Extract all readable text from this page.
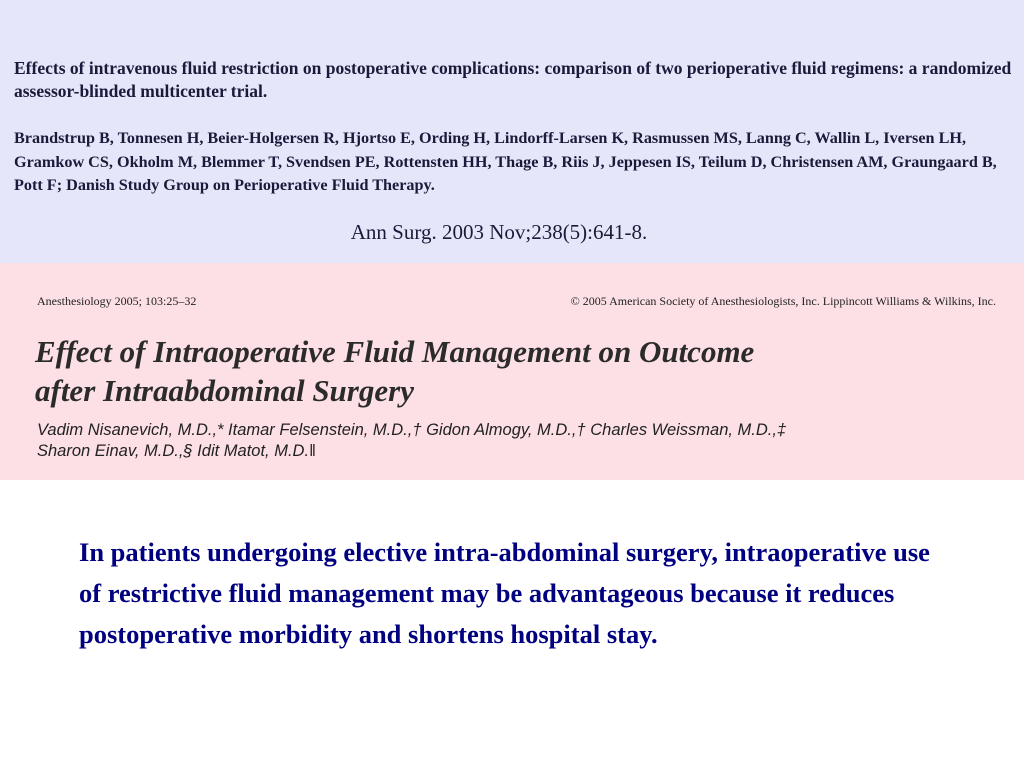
Effects of intravenous fluid restriction on postoperative complications: comparison of two perioperative fluid regimens: a randomized assessor-blinded multicenter trial.
Brandstrup B, Tonnesen H, Beier-Holgersen R, Hjortso E, Ording H, Lindorff-Larsen K, Rasmussen MS, Lanng C, Wallin L, Iversen LH, Gramkow CS, Okholm M, Blemmer T, Svendsen PE, Rottensten HH, Thage B, Riis J, Jeppesen IS, Teilum D, Christensen AM, Graungaard B, Pott F; Danish Study Group on Perioperative Fluid Therapy.
Ann Surg. 2003 Nov;238(5):641-8.
Anesthesiology 2005; 103:25–32	© 2005 American Society of Anesthesiologists, Inc. Lippincott Williams & Wilkins, Inc.
Effect of Intraoperative Fluid Management on Outcome
after Intraabdominal Surgery
Vadim Nisanevich, M.D.,* Itamar Felsenstein, M.D.,† Gidon Almogy, M.D.,† Charles Weissman, M.D.,‡
Sharon Einav, M.D.,§ Idit Matot, M.D.‖
In patients undergoing elective intra-abdominal surgery, intraoperative use of restrictive fluid management may be advantageous because it reduces postoperative morbidity and shortens hospital stay.
